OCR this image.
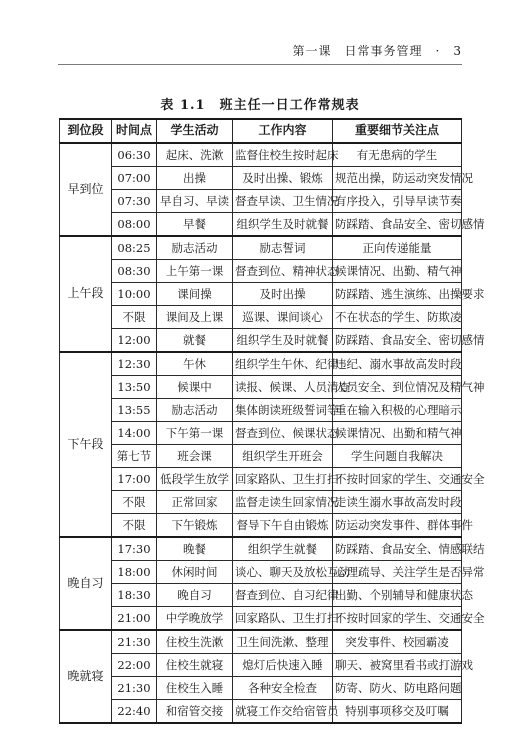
第一课　日常事务管理　·　3
表 1.1　班主任一日工作常规表
到位段	时间点	学生活动	工作内容	重要细节关注点
早到位	06:30	起床、洗漱	监督住校生按时起床	有无患病的学生
	07:00	出操	及时出操、锻炼	规范出操，防运动突发情况
	07:30	早自习、早读	督查早读、卫生情况	有序投入，引导早读节奏
	08:00	早餐	组织学生及时就餐	防踩踏、食品安全、密切感情
上午段	08:25	励志活动	励志誓词	正向传递能量
	08:30	上午第一课	督查到位、精神状态	候课情况、出勤、精气神
	10:00	课间操	及时出操	防踩踏、逃生演练、出操要求
	不限	课间及上课	巡课、课间谈心	不在状态的学生、防欺凌
	12:00	就餐	组织学生及时就餐	防踩踏、食品安全、密切感情
下午段	12:30	午休	组织学生午休、纪律	违纪、溺水事故高发时段
	13:50	候课中	读报、候课、人员清查	人员安全、到位情况及精气神
	13:55	励志活动	集体朗读班级誓词等	重在输入积极的心理暗示
	14:00	下午第一课	督查到位、候课状态	候课情况、出勤和精气神
	第七节	班会课	组织学生开班会	学生问题自我解决
	17:00	低段学生放学	回家路队、卫生打扫	不按时回家的学生、交通安全
	不限	正常回家	监督走读生回家情况	走读生溺水事故高发时段
	不限	下午锻炼	督导下午自由锻炼	防运动突发事件、群体事件
晚自习	17:30	晚餐	组织学生就餐	防踩踏、食品安全、情感联结
	18:00	休闲时间	谈心、聊天及放松互动	心理疏导、关注学生是否异常
	18:30	晚自习	督查到位、自习纪律	出勤、个别辅导和健康状态
	21:00	中学晚放学	回家路队、卫生打扫	不按时回家的学生、交通安全
晚就寝	21:30	住校生洗漱	卫生间洗漱、整理	突发事件、校园霸凌
	22:00	住校生就寝	熄灯后快速入睡	聊天、被窝里看书或打游戏
	21:30	住校生入睡	各种安全检查	防寄、防火、防电路问题
	22:40	和宿管交接	就寝工作交给宿管员	特别事项移交及叮嘱
